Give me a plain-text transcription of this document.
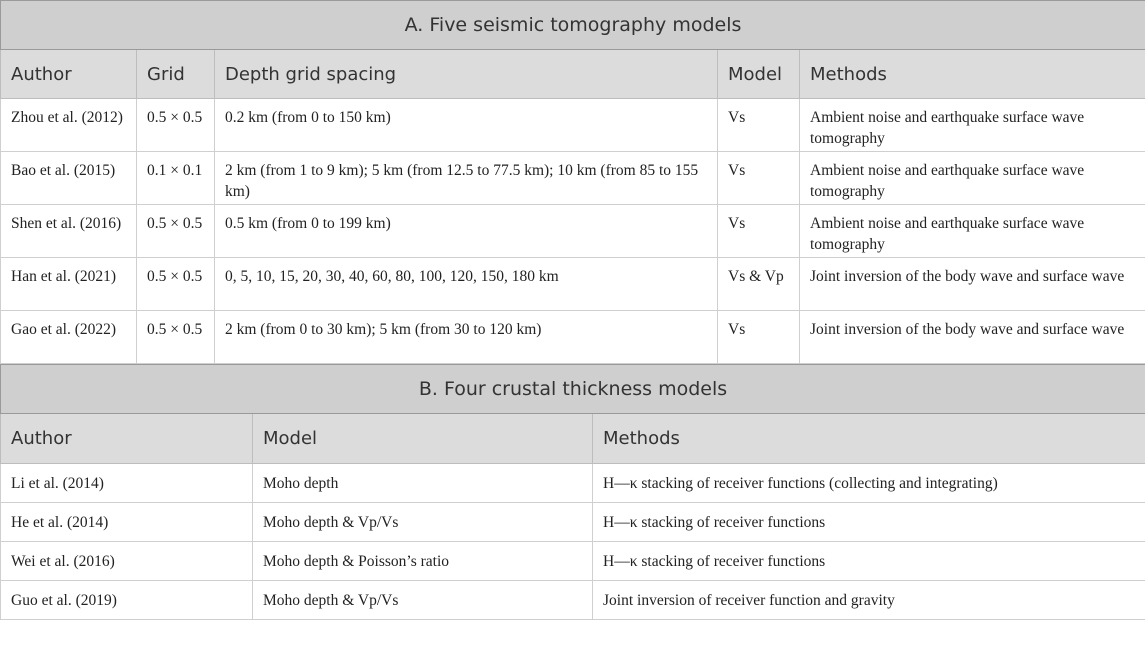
A. Five seismic tomography models				
Author	Grid	Depth grid spacing	Model	Methods
Zhou et al. (2012)	0.5 × 0.5	0.2 km (from 0 to 150 km)	Vs	Ambient noise and earthquake surface wave tomography
Bao et al. (2015)	0.1 × 0.1	2 km (from 1 to 9 km); 5 km (from 12.5 to 77.5 km); 10 km (from 85 to 155 km)	Vs	Ambient noise and earthquake surface wave tomography
Shen et al. (2016)	0.5 × 0.5	0.5 km (from 0 to 199 km)	Vs	Ambient noise and earthquake surface wave tomography
Han et al. (2021)	0.5 × 0.5	0, 5, 10, 15, 20, 30, 40, 60, 80, 100, 120, 150, 180 km	Vs & Vp	Joint inversion of the body wave and surface wave
Gao et al. (2022)	0.5 × 0.5	2 km (from 0 to 30 km); 5 km (from 30 to 120 km)	Vs	Joint inversion of the body wave and surface wave
B. Four crustal thickness models		
Author	Model	Methods
Li et al. (2014)	Moho depth	H—κ stacking of receiver functions (collecting and integrating)
He et al. (2014)	Moho depth & Vp/Vs	H—κ stacking of receiver functions
Wei et al. (2016)	Moho depth & Poisson’s ratio	H—κ stacking of receiver functions
Guo et al. (2019)	Moho depth & Vp/Vs	Joint inversion of receiver function and gravity
